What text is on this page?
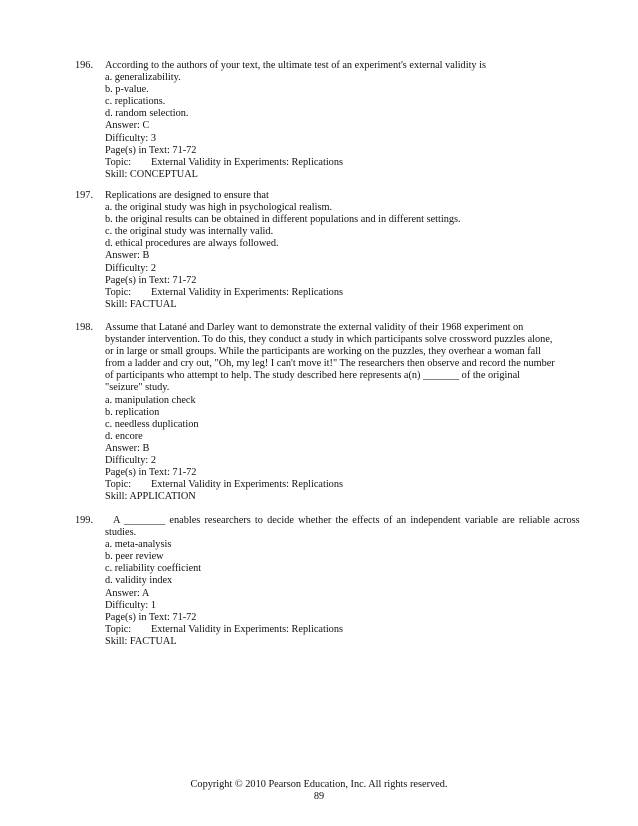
196. According to the authors of your text, the ultimate test of an experiment's external validity is
a. generalizability.
b. p-value.
c. replications.
d. random selection.
Answer: C
Difficulty: 3
Page(s) in Text: 71-72
Topic: External Validity in Experiments: Replications
Skill: CONCEPTUAL
197. Replications are designed to ensure that
a. the original study was high in psychological realism.
b. the original results can be obtained in different populations and in different settings.
c. the original study was internally valid.
d. ethical procedures are always followed.
Answer: B
Difficulty: 2
Page(s) in Text: 71-72
Topic: External Validity in Experiments: Replications
Skill: FACTUAL
198. Assume that Latané and Darley want to demonstrate the external validity of their 1968 experiment on
bystander intervention. To do this, they conduct a study in which participants solve crossword puzzles alone,
or in large or small groups. While the participants are working on the puzzles, they overhear a woman fall
from a ladder and cry out, "Oh, my leg! I can't move it!" The researchers then observe and record the number
of participants who attempt to help. The study described here represents a(n) _______ of the original
"seizure" study.
a. manipulation check
b. replication
c. needless duplication
d. encore
Answer: B
Difficulty: 2
Page(s) in Text: 71-72
Topic: External Validity in Experiments: Replications
Skill: APPLICATION
199.	A ________ enables researchers to decide whether the effects of an independent variable are reliable across
studies.
a. meta-analysis
b. peer review
c. reliability coefficient
d. validity index
Answer: A
Difficulty: 1
Page(s) in Text: 71-72
Topic: External Validity in Experiments: Replications
Skill: FACTUAL
Copyright © 2010 Pearson Education, Inc. All rights reserved.
89
